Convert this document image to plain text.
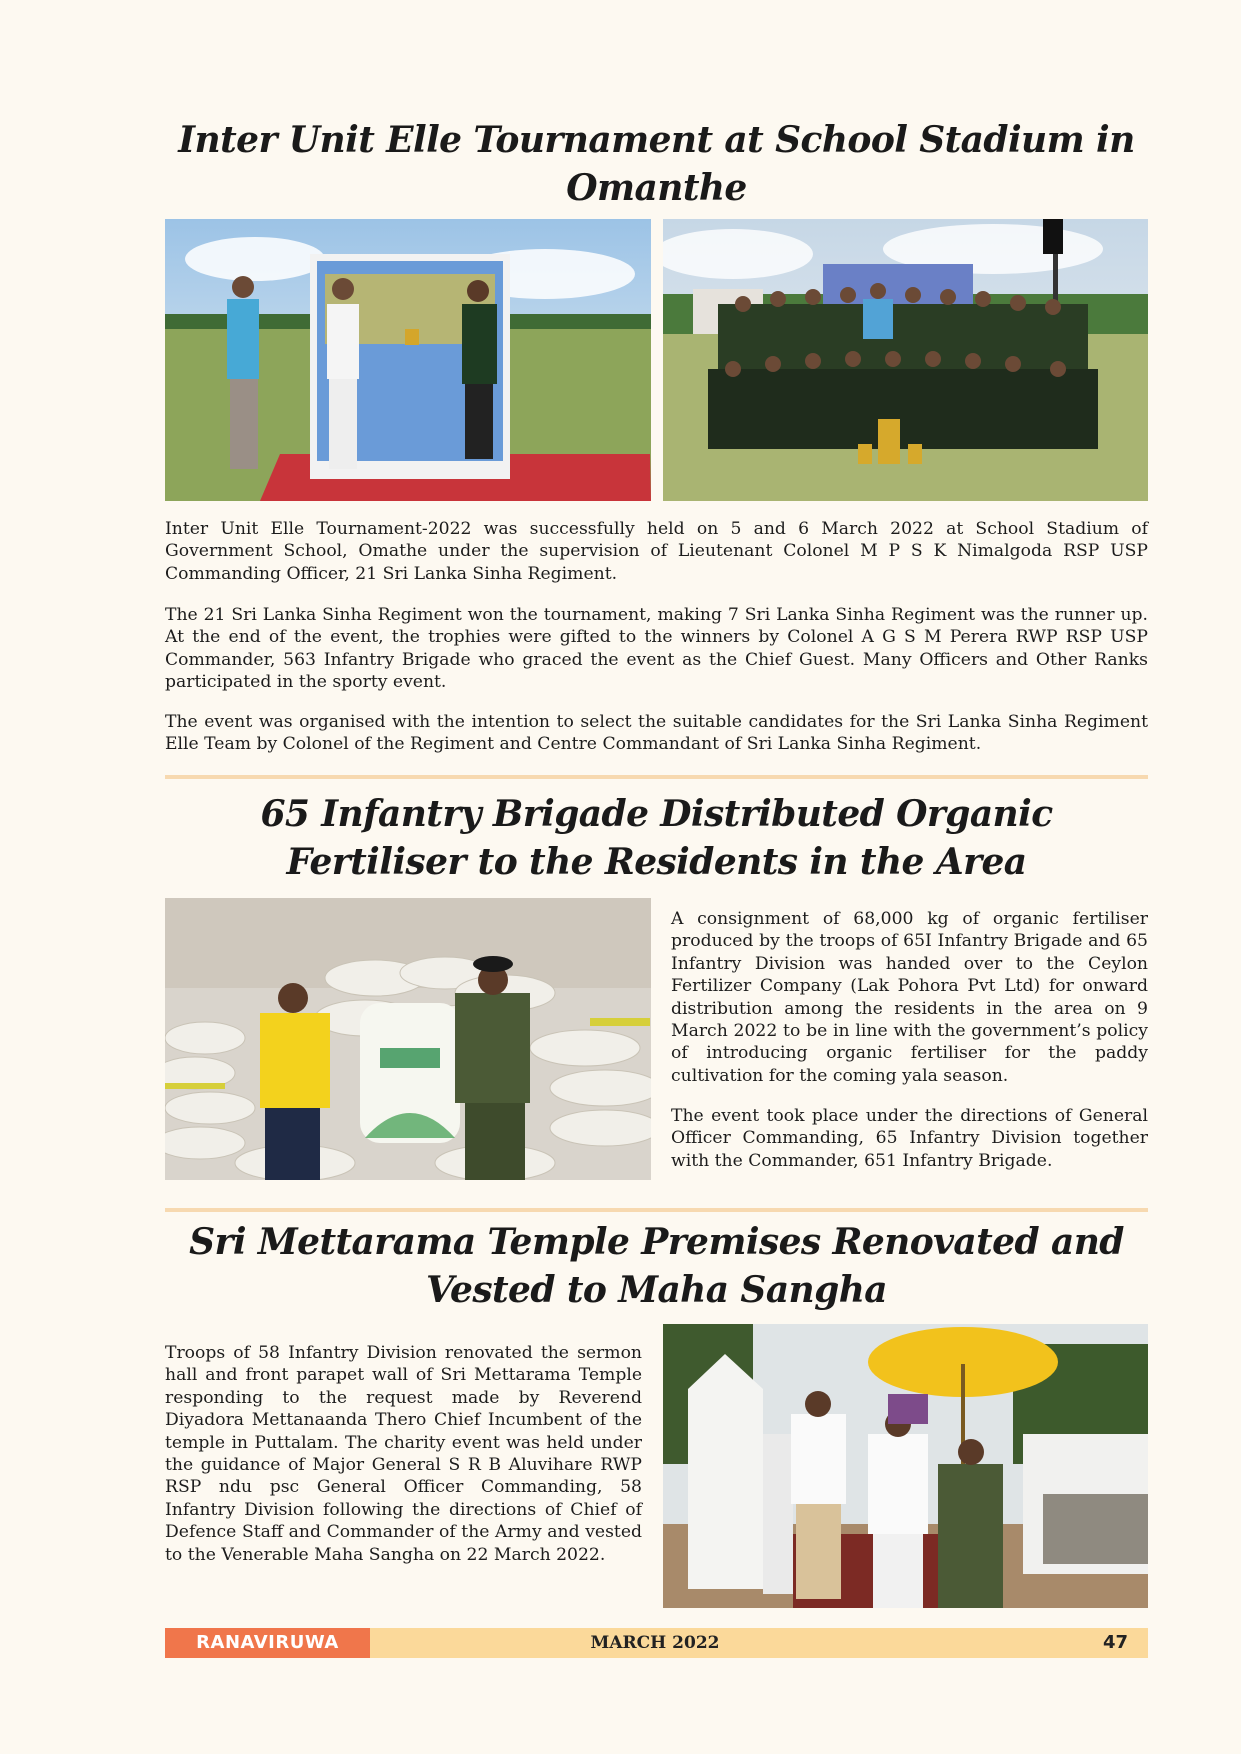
Inter Unit Elle Tournament at School Stadium in Omanthe

Inter Unit Elle Tournament-2022 was successfully held on 5 and 6 March 2022 at School Stadium of Government School, Omathe under the supervision of Lieutenant Colonel M P S K Nimalgoda RSP USP Commanding Officer, 21 Sri Lanka Sinha Regiment.

The 21 Sri Lanka Sinha Regiment won the tournament, making 7 Sri Lanka Sinha Regiment was the runner up. At the end of the event, the trophies were gifted to the winners by Colonel A G S M Perera RWP RSP USP Commander, 563 Infantry Brigade who graced the event as the Chief Guest. Many Officers and Other Ranks participated in the sporty event.

The event was organised with the intention to select the suitable candidates for the Sri Lanka Sinha Regiment Elle Team by Colonel of the Regiment and Centre Commandant of Sri Lanka Sinha Regiment.

65 Infantry Brigade Distributed Organic Fertiliser to the Residents in the Area

A consignment of 68,000 kg of organic fertiliser produced by the troops of 65I Infantry Brigade and 65 Infantry Division was handed over to the Ceylon Fertilizer Company (Lak Pohora Pvt Ltd) for onward distribution among the residents in the area on 9 March 2022 to be in line with the government’s policy of introducing organic fertiliser for the paddy cultivation for the coming yala season.

The event took place under the directions of General Officer Commanding, 65 Infantry Division together with the Commander, 651 Infantry Brigade.

Sri Mettarama Temple Premises Renovated and Vested to Maha Sangha

Troops of 58 Infantry Division renovated the sermon hall and front parapet wall of Sri Mettarama Temple responding to the request made by Reverend Diyadora Mettanaanda Thero Chief Incumbent of the temple in Puttalam. The charity event was held under the guidance of Major General S R B Aluvihare RWP RSP ndu psc General Officer Commanding, 58 Infantry Division following the directions of Chief of Defence Staff and Commander of the Army and vested to the Venerable Maha Sangha on 22 March 2022.

RANAVIRUWA	MARCH 2022	47
